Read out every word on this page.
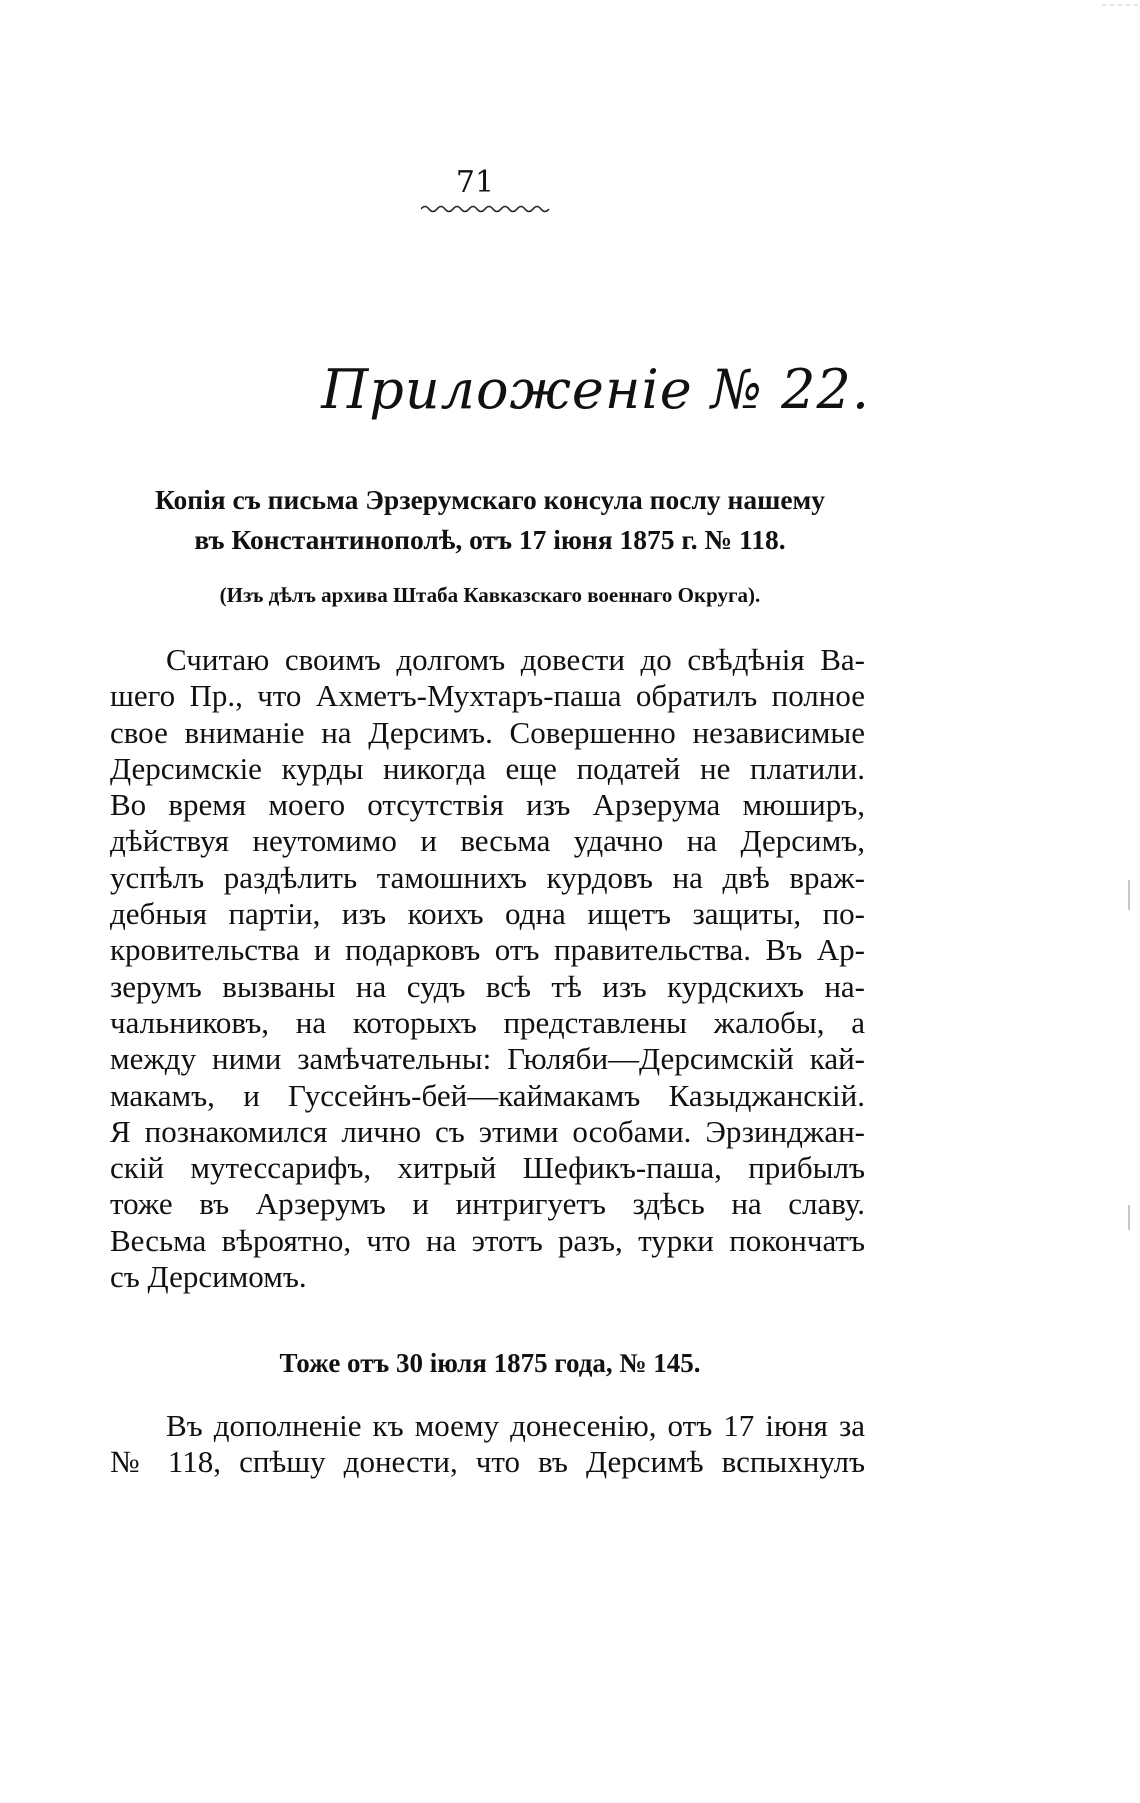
71
Приложеніе № 22.
Копія съ письма Эрзерумскаго консула послу нашему
въ Константинополѣ, отъ 17 іюня 1875 г. № 118.
(Изъ дѣлъ архива Штаба Кавказскаго военнаго Округа).
Считаю своимъ долгомъ довести до свѣдѣнія Ва-
шего Пр., что Ахметъ-Мухтаръ-паша обратилъ полное
свое вниманіе на Дерсимъ. Совершенно независимые
Дерсимскіе курды никогда еще податей не платили.
Во время моего отсутствія изъ Арзерума мюширъ,
дѣйствуя неутомимо и весьма удачно на Дерсимъ,
успѣлъ раздѣлить тамошнихъ курдовъ на двѣ враж-
дебныя партіи, изъ коихъ одна ищетъ защиты, по-
кровительства и подарковъ отъ правительства. Въ Ар-
зерумъ вызваны на судъ всѣ тѣ изъ курдскихъ на-
чальниковъ, на которыхъ представлены жалобы, а
между ними замѣчательны: Гюляби—Дерсимскій кай-
макамъ, и Гуссейнъ-бей—каймакамъ Казыджанскій.
Я познакомился лично съ этими особами. Эрзинджан-
скій мутессарифъ, хитрый Шефикъ-паша, прибылъ
тоже въ Арзерумъ и интригуетъ здѣсь на славу.
Весьма вѣроятно, что на этотъ разъ, турки покончатъ
съ Дерсимомъ.
Тоже отъ 30 іюля 1875 года, № 145.
Въ дополненіе къ моему донесенію, отъ 17 іюня за
№ 118, спѣшу донести, что въ Дерсимѣ вспыхнулъ
